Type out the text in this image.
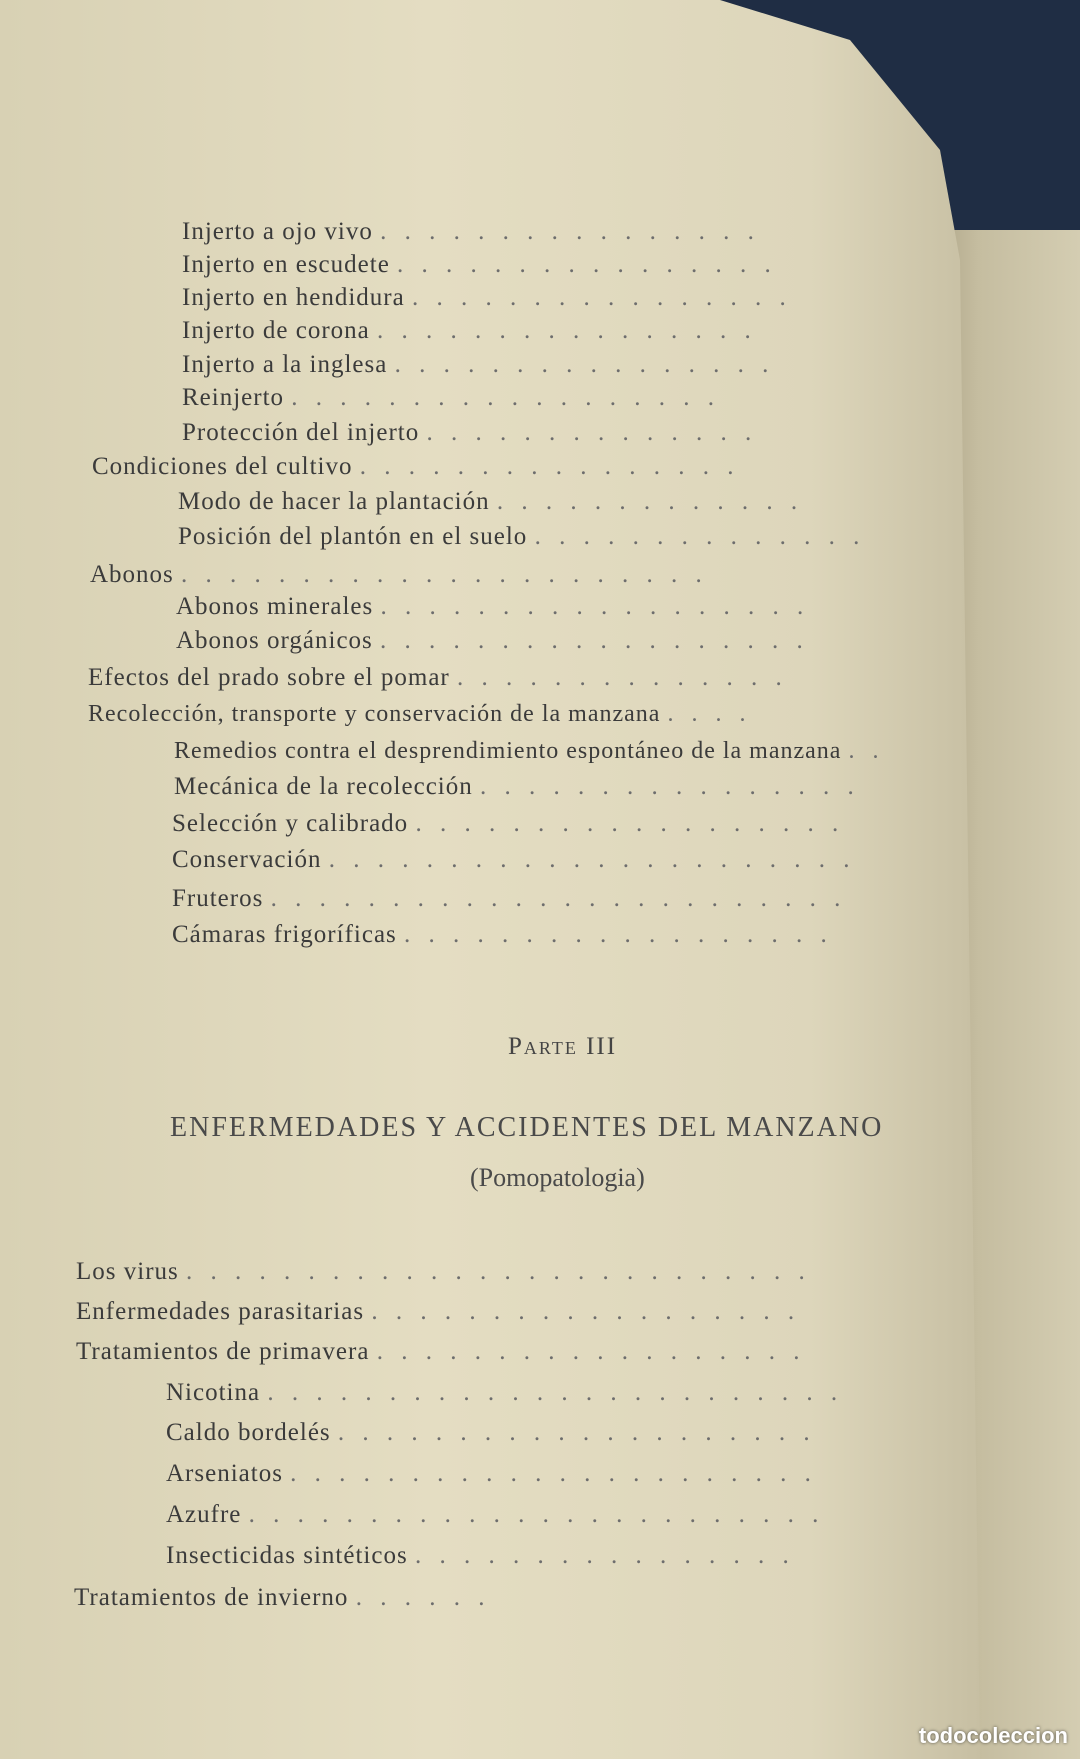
Injerto a ojo vivo . . . . . . . . . . . . . . . .
Injerto en escudete . . . . . . . . . . . . . . . .
Injerto en hendidura . . . . . . . . . . . . . . . .
Injerto de corona . . . . . . . . . . . . . . . .
Injerto a la inglesa . . . . . . . . . . . . . . . .
Reinjerto . . . . . . . . . . . . . . . . . .
Protección del injerto . . . . . . . . . . . . . .
Condiciones del cultivo . . . . . . . . . . . . . . . .
Modo de hacer la plantación . . . . . . . . . . . . .
Posición del plantón en el suelo . . . . . . . . . . . . . .
Abonos . . . . . . . . . . . . . . . . . . . . . .
Abonos minerales . . . . . . . . . . . . . . . . . .
Abonos orgánicos . . . . . . . . . . . . . . . . . .
Efectos del prado sobre el pomar . . . . . . . . . . . . . .
Recolección, transporte y conservación de la manzana . . . .
Remedios contra el desprendimiento espontáneo de la manzana . .
Mecánica de la recolección . . . . . . . . . . . . . . . .
Selección y calibrado . . . . . . . . . . . . . . . . . .
Conservación . . . . . . . . . . . . . . . . . . . . . .
Fruteros . . . . . . . . . . . . . . . . . . . . . . . .
Cámaras frigoríficas . . . . . . . . . . . . . . . . . .
Parte III
ENFERMEDADES Y ACCIDENTES DEL MANZANO
(Pomopatologia)
Los virus . . . . . . . . . . . . . . . . . . . . . . . . . .
Enfermedades parasitarias . . . . . . . . . . . . . . . . . .
Tratamientos de primavera . . . . . . . . . . . . . . . . . .
Nicotina . . . . . . . . . . . . . . . . . . . . . . . .
Caldo bordelés . . . . . . . . . . . . . . . . . . . .
Arseniatos . . . . . . . . . . . . . . . . . . . . . .
Azufre . . . . . . . . . . . . . . . . . . . . . . . .
Insecticidas sintéticos . . . . . . . . . . . . . . . .
Tratamientos de invierno . . . . . .
todocoleccion
